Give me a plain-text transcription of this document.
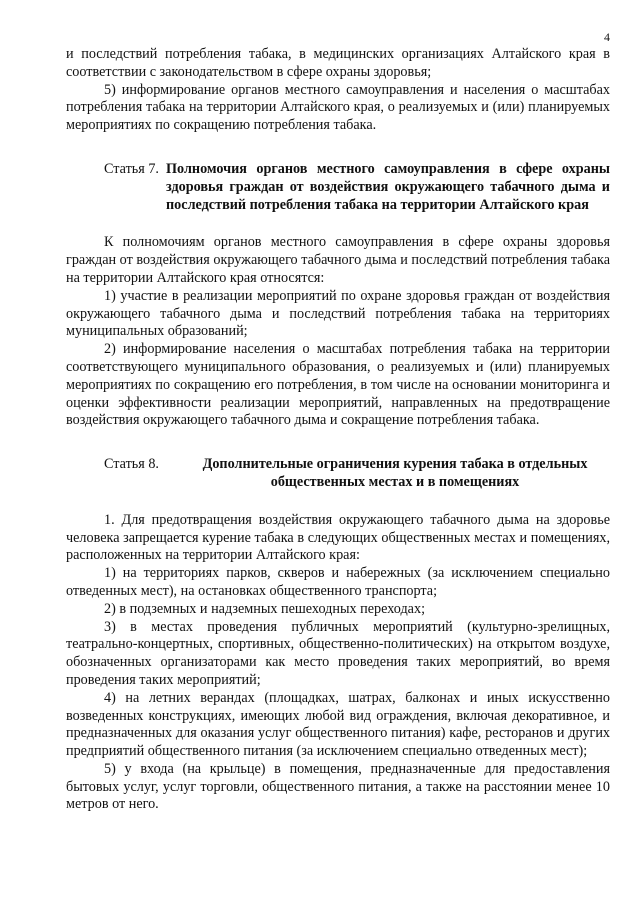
4

и последствий потребления табака, в медицинских организациях Алтайского края в соответствии с законодательством в сфере охраны здоровья;

5) информирование органов местного самоуправления и населения о масштабах потребления табака на территории Алтайского края, о реализуемых и (или) планируемых мероприятиях по сокращению потребления табака.

Статья 7. Полномочия органов местного самоуправления в сфере охраны здоровья граждан от воздействия окружающего табачного дыма и последствий потребления табака на территории Алтайского края

К полномочиям органов местного самоуправления в сфере охраны здоровья граждан от воздействия окружающего табачного дыма и последствий потребления табака на территории Алтайского края относятся:

1) участие в реализации мероприятий по охране здоровья граждан от воздействия окружающего табачного дыма и последствий потребления табака на территориях муниципальных образований;

2) информирование населения о масштабах потребления табака на территории соответствующего муниципального образования, о реализуемых и (или) планируемых мероприятиях по сокращению его потребления, в том числе на основании мониторинга и оценки эффективности реализации мероприятий, направленных на предотвращение воздействия окружающего табачного дыма и сокращение потребления табака.

Статья 8.	Дополнительные ограничения курения табака в отдельных общественных местах и в помещениях

1. Для предотвращения воздействия окружающего табачного дыма на здоровье человека запрещается курение табака в следующих общественных местах и помещениях, расположенных на территории Алтайского края:

1) на территориях парков, скверов и набережных (за исключением специально отведенных мест), на остановках общественного транспорта;

2) в подземных и надземных пешеходных переходах;

3) в местах проведения публичных мероприятий (культурно-зрелищных, театрально-концертных, спортивных, общественно-политических) на открытом воздухе, обозначенных организаторами как место проведения таких мероприятий, во время проведения таких мероприятий;

4) на летних верандах (площадках, шатрах, балконах и иных искусственно возведенных конструкциях, имеющих любой вид ограждения, включая декоративное, и предназначенных для оказания услуг общественного питания) кафе, ресторанов и других предприятий общественного питания (за исключением специально отведенных мест);

5) у входа (на крыльце) в помещения, предназначенные для предоставления бытовых услуг, услуг торговли, общественного питания, а также на расстоянии менее 10 метров от него.
